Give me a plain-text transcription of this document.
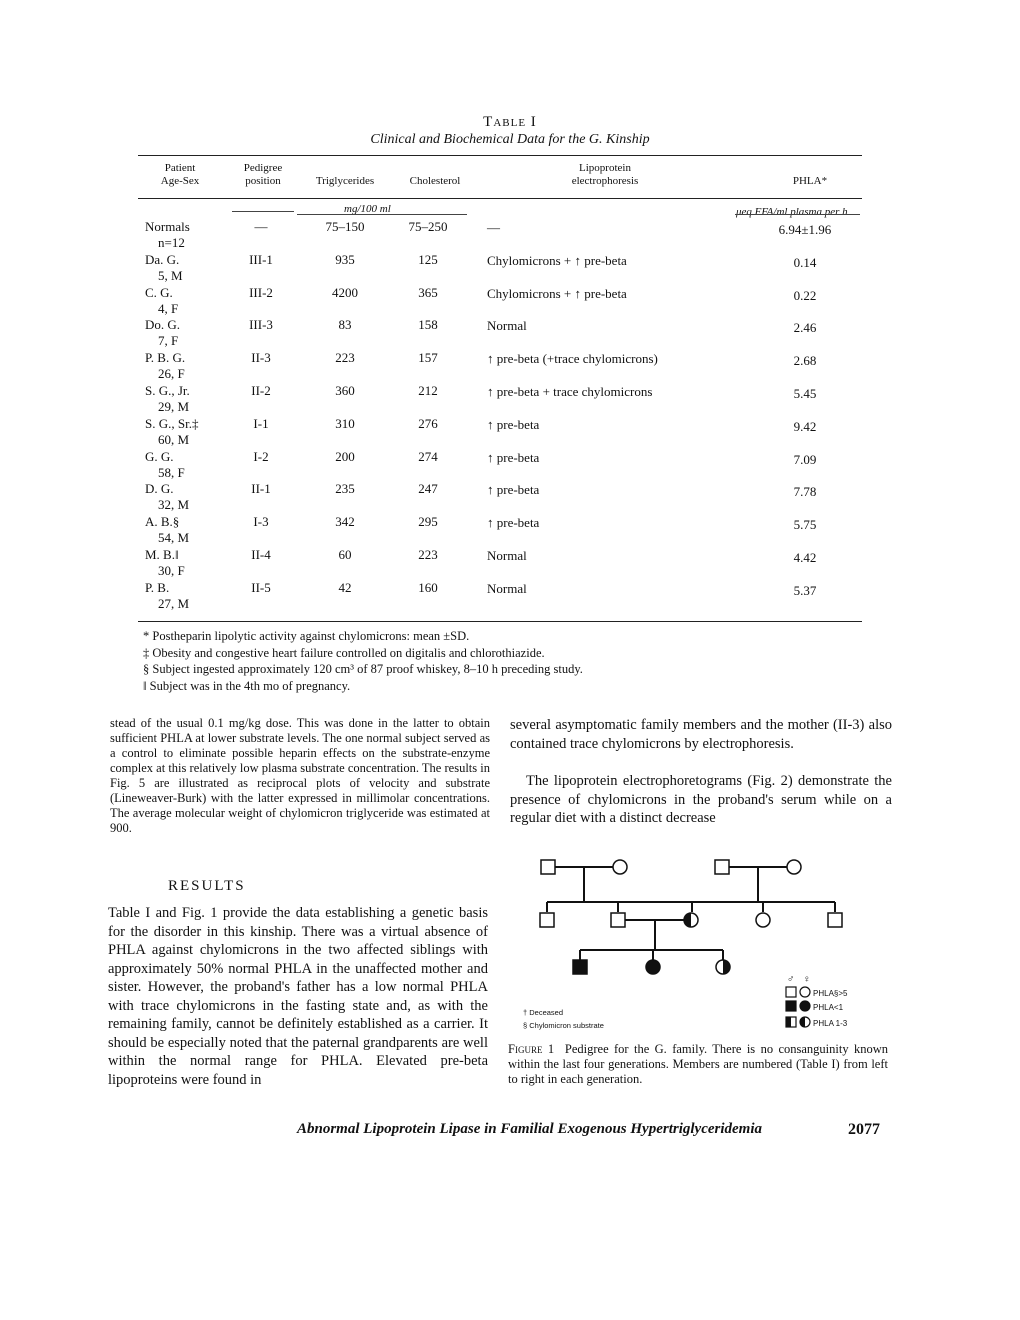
Table I
Clinical and Biochemical Data for the G. Kinship
Patient
Age-Sex
Pedigree
position	Triglycerides	Cholesterol
Lipoprotein
electrophoresis	PHLA*
mg/100 ml	μeq FFA/ml plasma per h
Normals
n=12
—	75–150	75–250	—	6.94±1.96
Da. G.
5, M
III-1	935	125	Chylomicrons + ↑ pre-beta	0.14
C. G.
4, F
III-2	4200	365	Chylomicrons + ↑ pre-beta	0.22
Do. G.
7, F
III-3	83	158	Normal	2.46
P. B. G.
26, F
II-3	223	157	↑ pre-beta (+trace chylomicrons)	2.68
S. G., Jr.
29, M
II-2	360	212	↑ pre-beta + trace chylomicrons	5.45
S. G., Sr.‡
60, M
I-1	310	276	↑ pre-beta	9.42
G. G.
58, F
I-2	200	274	↑ pre-beta	7.09
D. G.
32, M
II-1	235	247	↑ pre-beta	7.78
A. B.§
54, M
I-3	342	295	↑ pre-beta	5.75
M. B.‖
30, F
II-4	60	223	Normal	4.42
P. B.
27, M
II-5	42	160	Normal	5.37
* Postheparin lipolytic activity against chylomicrons: mean ±SD.
‡ Obesity and congestive heart failure controlled on digitalis and chlorothiazide.
§ Subject ingested approximately 120 cm³ of 87 proof whiskey, 8–10 h preceding study.
‖ Subject was in the 4th mo of pregnancy.
stead of the usual 0.1 mg/kg dose. This was done in the latter to obtain sufficient PHLA at lower substrate levels. The one normal subject served as a control to eliminate possible heparin effects on the substrate-enzyme complex at this relatively low plasma substrate concentration. The results in Fig. 5 are illustrated as reciprocal plots of velocity and substrate (Lineweaver-Burk) with the latter expressed in millimolar concentrations. The average molecular weight of chylomicron triglyceride was estimated at 900.
RESULTS
Table I and Fig. 1 provide the data establishing a genetic basis for the disorder in this kinship. There was a virtual absence of PHLA against chylomicrons in the two affected siblings with approximately 50% normal PHLA in the unaffected mother and sister. However, the proband's father has a low normal PHLA with trace chylomicrons in the fasting state and, as with the remaining family, cannot be definitely established as a carrier. It should be especially noted that the paternal grandparents are well within the normal range for PHLA. Elevated pre-beta lipoproteins were found in
several asymptomatic family members and the mother (II-3) also contained trace chylomicrons by electrophoresis.
The lipoprotein electrophoretograms (Fig. 2) demonstrate the presence of chylomicrons in the proband's serum while on a regular diet with a distinct decrease
♂ ♀
PHLA§>5
PHLA<1
PHLA 1-3
† Deceased
§ Chylomicron substrate
Figure 1 Pedigree for the G. family. There is no consanguinity known within the last four generations. Members are numbered (Table I) from left to right in each generation.
Abnormal Lipoprotein Lipase in Familial Exogenous Hypertriglyceridemia	2077
